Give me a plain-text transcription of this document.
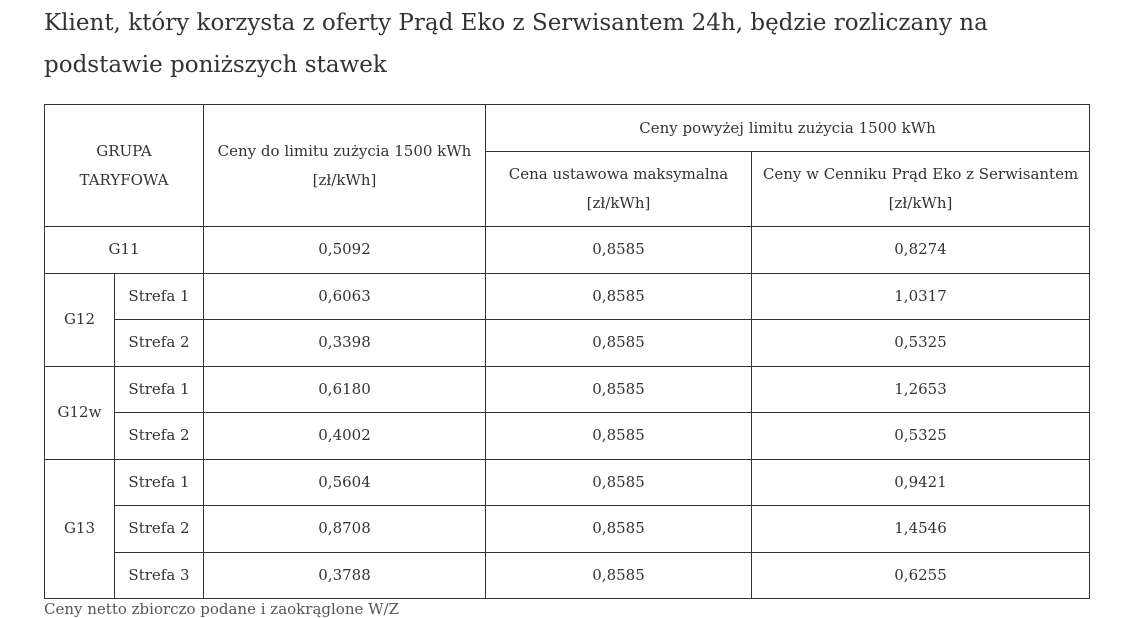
Klient, który korzysta z oferty Prąd Eko z Serwisantem 24h, będzie rozliczany na podstawie poniższych stawek
GRUPA TARYFOWA		Ceny do limitu zużycia 1500 kWh [zł/kWh]	Ceny powyżej limitu zużycia 1500 kWh	
			Cena ustawowa maksymalna [zł/kWh]	Ceny w Cenniku Prąd Eko z Serwisantem [zł/kWh]
G11		0,5092	0,8585	0,8274
G12	Strefa 1	0,6063	0,8585	1,0317
	Strefa 2	0,3398	0,8585	0,5325
G12w	Strefa 1	0,6180	0,8585	1,2653
	Strefa 2	0,4002	0,8585	0,5325
G13	Strefa 1	0,5604	0,8585	0,9421
	Strefa 2	0,8708	0,8585	1,4546
	Strefa 3	0,3788	0,8585	0,6255
Ceny netto zbiorczo podane i zaokrąglone W/Z
